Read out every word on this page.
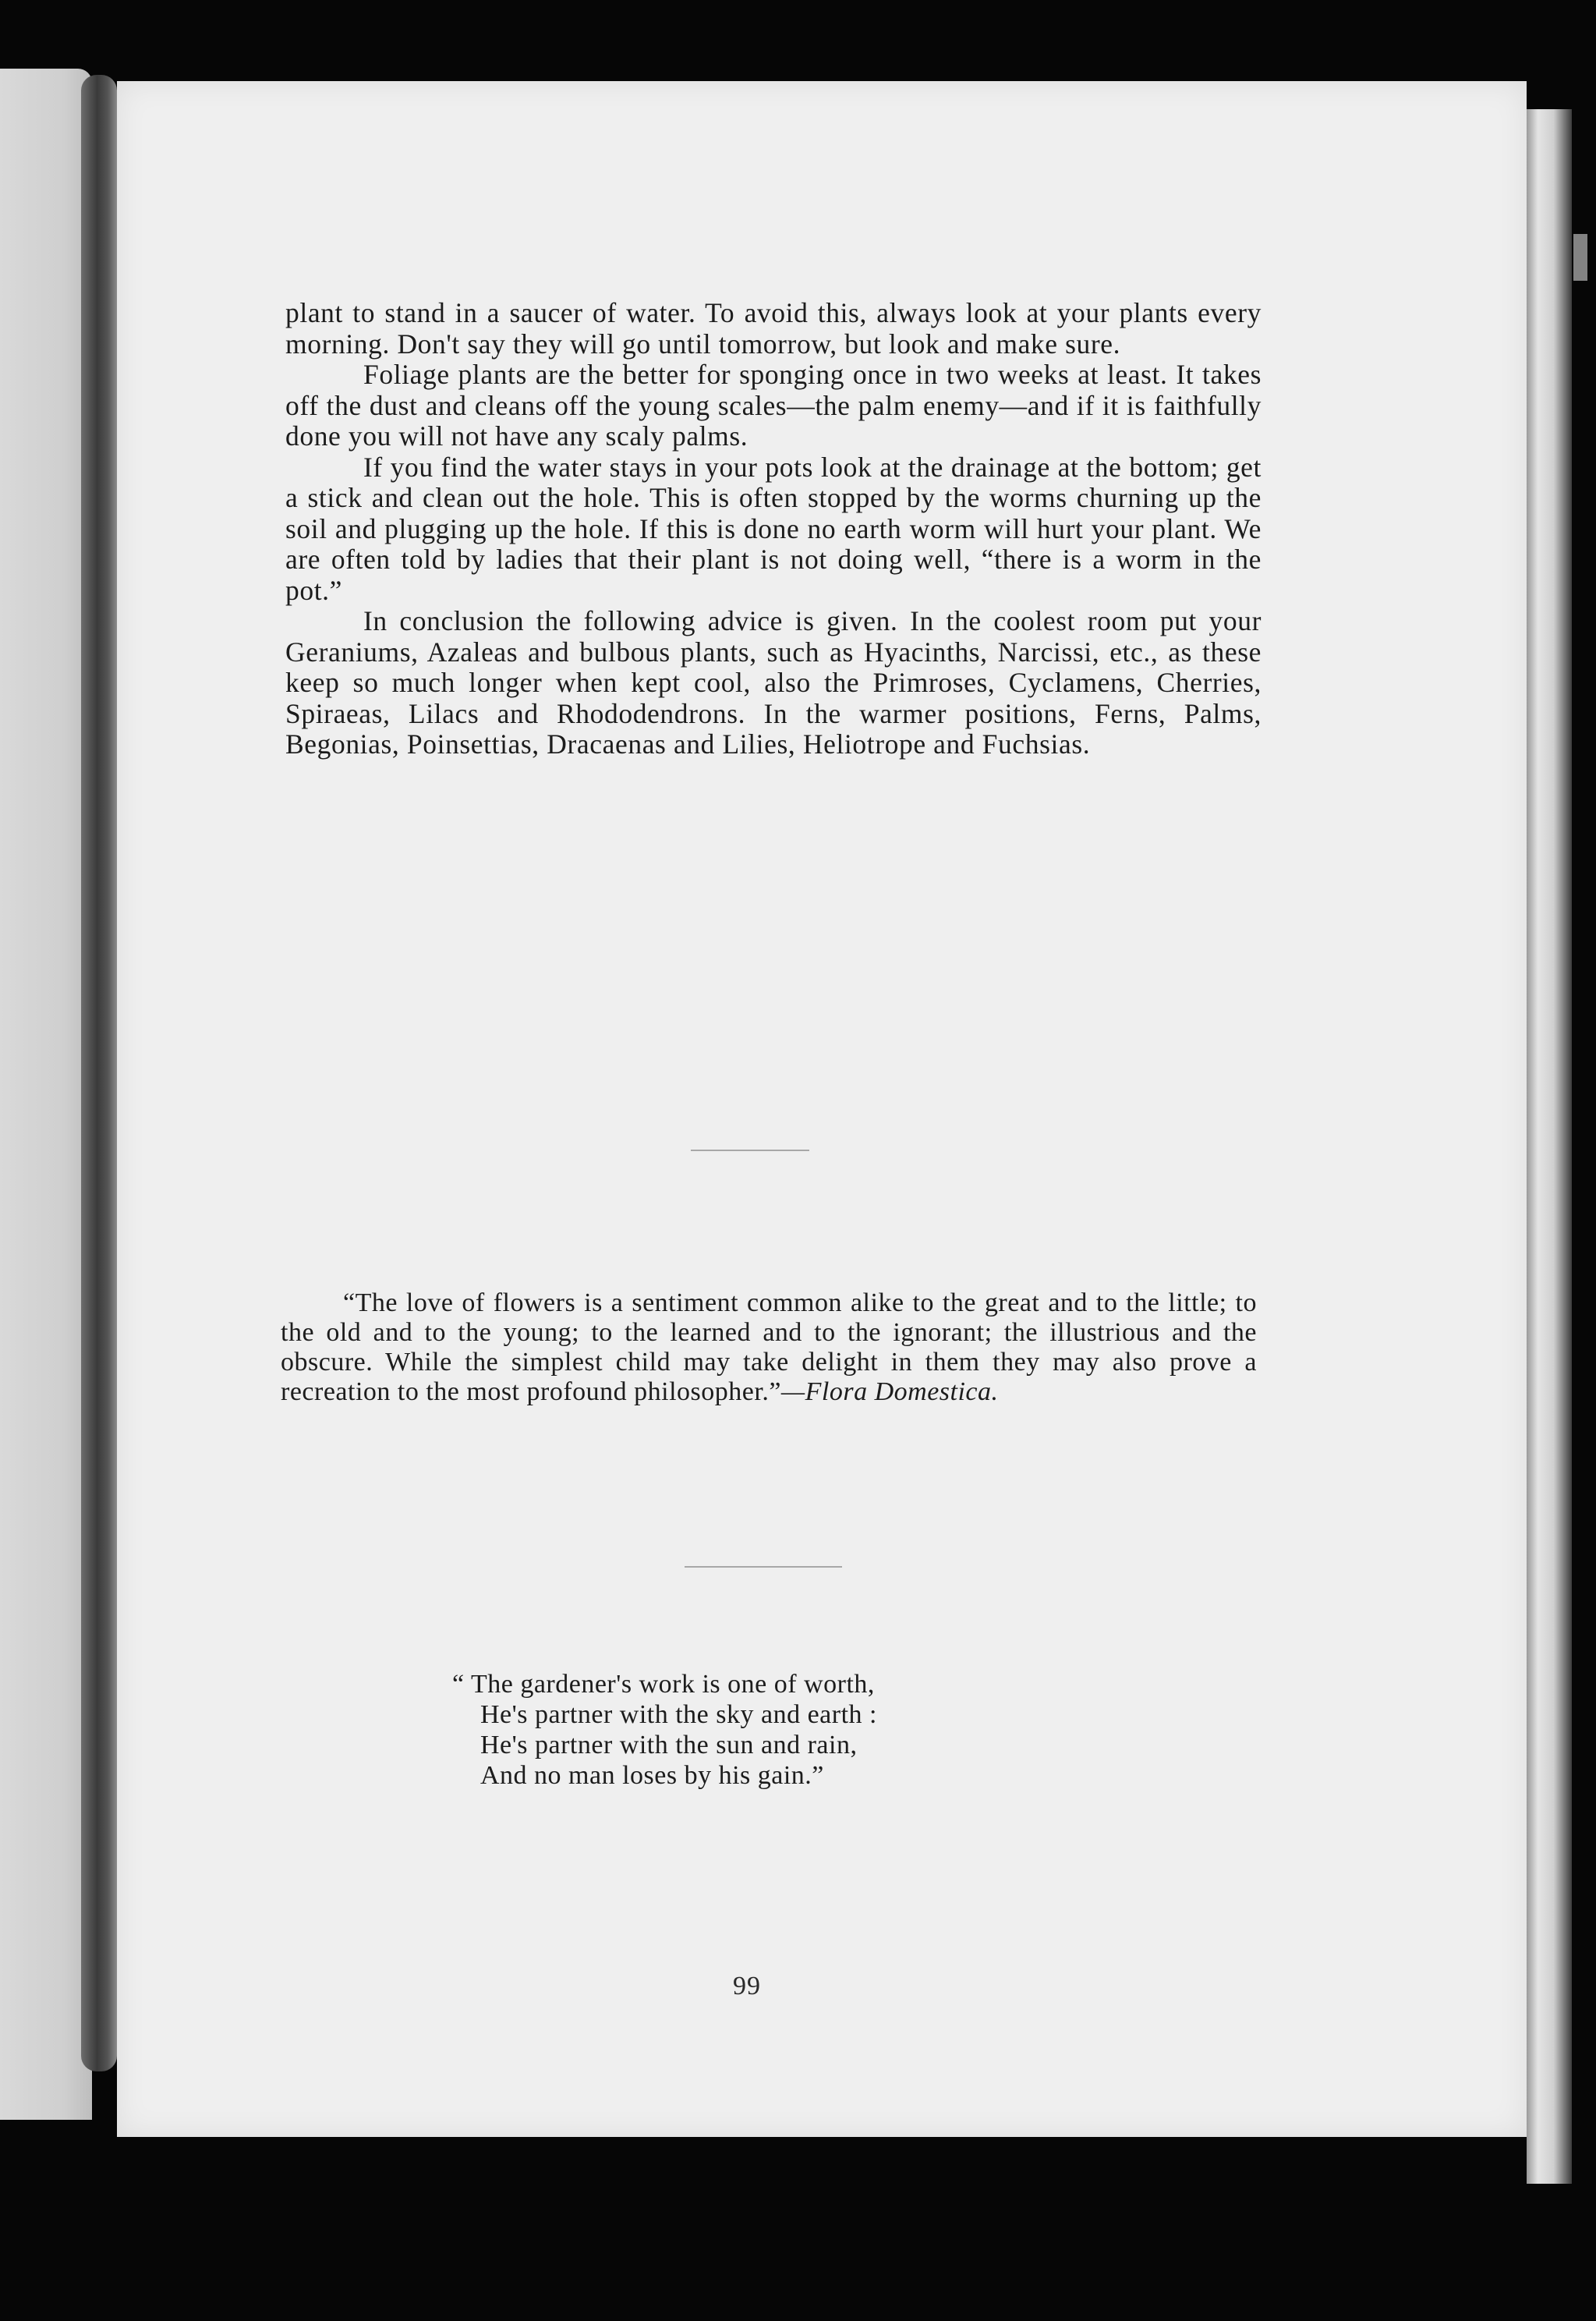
plant to stand in a saucer of water. To avoid this, always look at your plants every morning. Don't say they will go until tomorrow, but look and make sure.

Foliage plants are the better for sponging once in two weeks at least. It takes off the dust and cleans off the young scales—the palm enemy—and if it is faithfully done you will not have any scaly palms.

If you find the water stays in your pots look at the drainage at the bottom; get a stick and clean out the hole. This is often stopped by the worms churning up the soil and plugging up the hole. If this is done no earth worm will hurt your plant. We are often told by ladies that their plant is not doing well, “there is a worm in the pot.”

In conclusion the following advice is given. In the coolest room put your Geraniums, Azaleas and bulbous plants, such as Hyacinths, Narcissi, etc., as these keep so much longer when kept cool, also the Primroses, Cyclamens, Cherries, Spiraeas, Lilacs and Rhododendrons. In the warmer positions, Ferns, Palms, Begonias, Poinsettias, Dracaenas and Lilies, Heliotrope and Fuchsias.

“The love of flowers is a sentiment common alike to the great and to the little; to the old and to the young; to the learned and to the ignorant; the illustrious and the obscure. While the simplest child may take delight in them they may also prove a recreation to the most profound philosopher.”—Flora Domestica.
“ The gardener's work is one of worth,
He's partner with the sky and earth :
He's partner with the sun and rain,
And no man loses by his gain.”
99
